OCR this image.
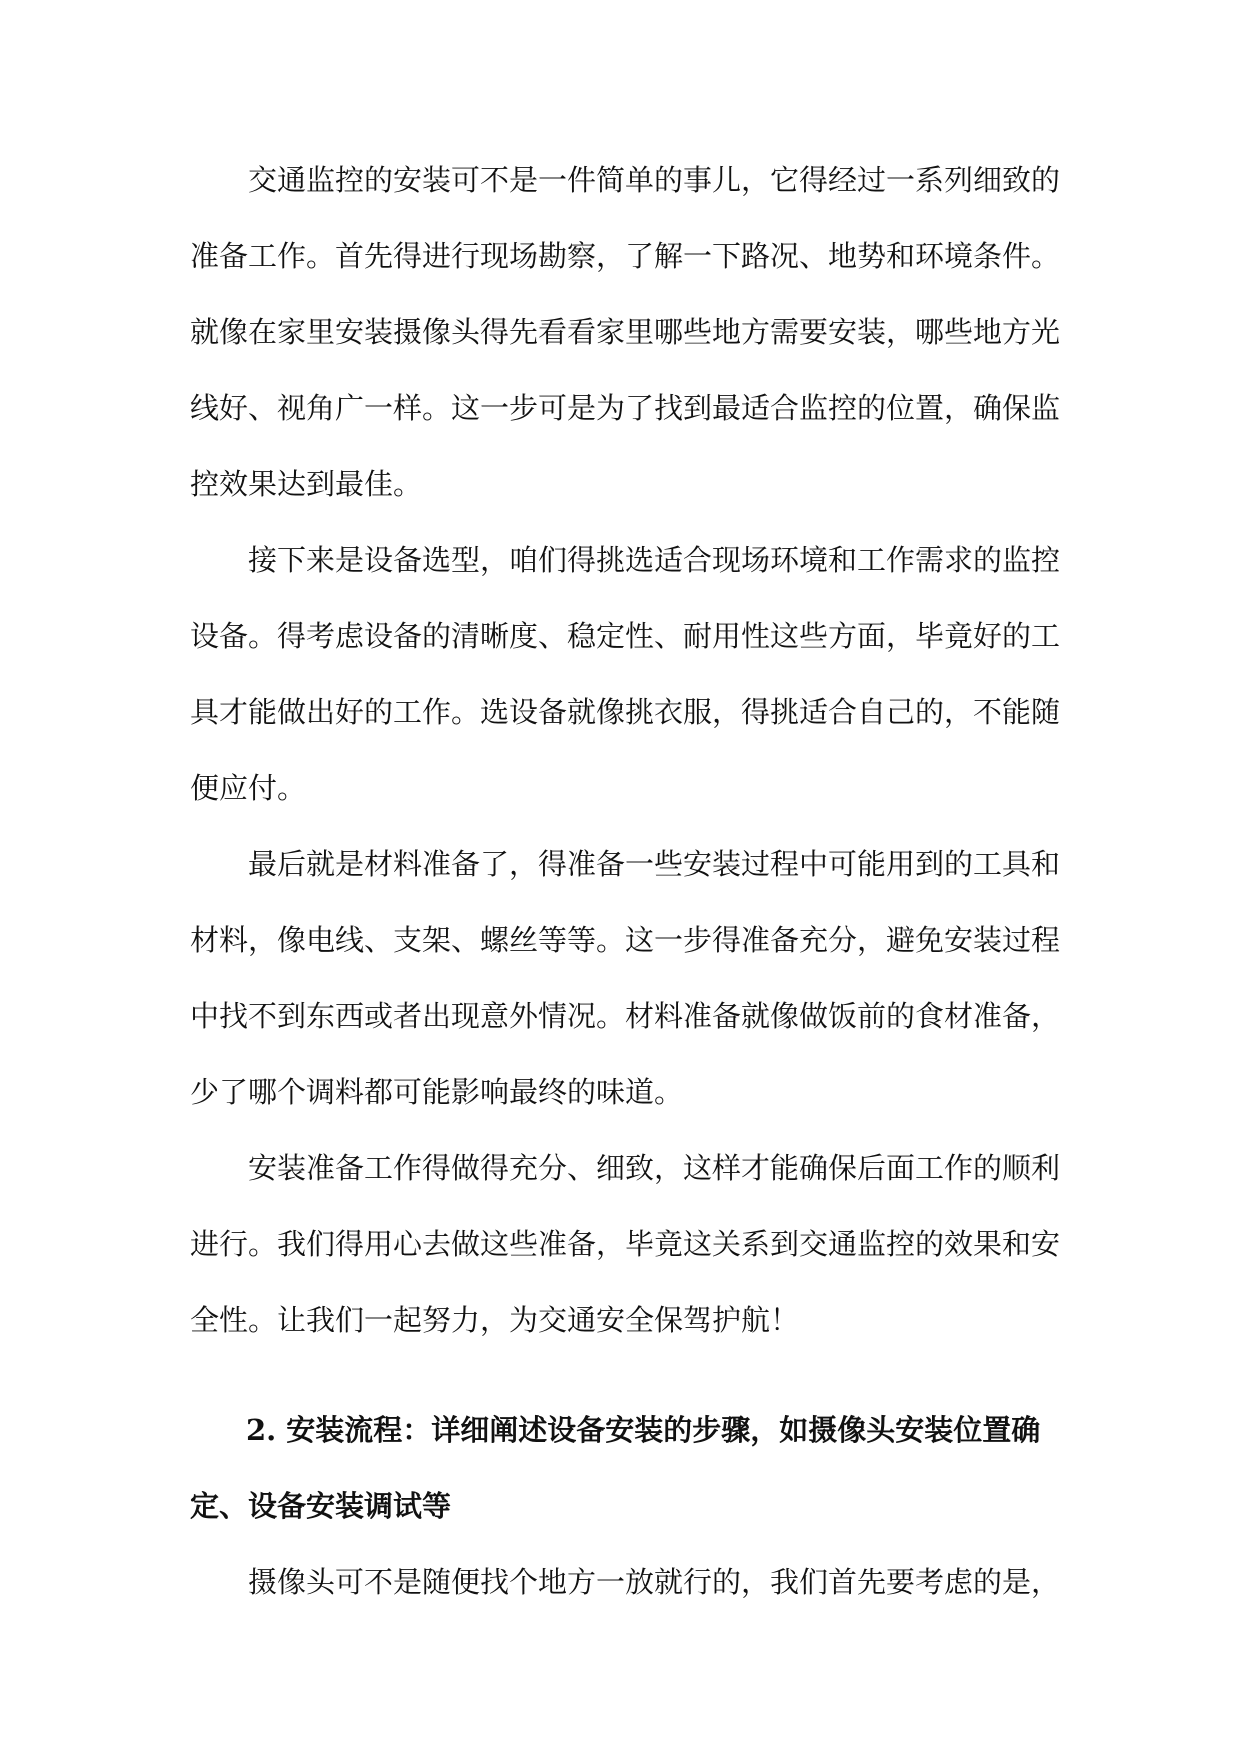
交通监控的安装可不是一件简单的事儿，它得经过一系列细致的准备工作。首先得进行现场勘察，了解一下路况、地势和环境条件。就像在家里安装摄像头得先看看家里哪些地方需要安装，哪些地方光线好、视角广一样。这一步可是为了找到最适合监控的位置，确保监控效果达到最佳。

接下来是设备选型，咱们得挑选适合现场环境和工作需求的监控设备。得考虑设备的清晰度、稳定性、耐用性这些方面，毕竟好的工具才能做出好的工作。选设备就像挑衣服，得挑适合自己的，不能随便应付。

最后就是材料准备了，得准备一些安装过程中可能用到的工具和材料，像电线、支架、螺丝等等。这一步得准备充分，避免安装过程中找不到东西或者出现意外情况。材料准备就像做饭前的食材准备，少了哪个调料都可能影响最终的味道。

安装准备工作得做得充分、细致，这样才能确保后面工作的顺利进行。我们得用心去做这些准备，毕竟这关系到交通监控的效果和安全性。让我们一起努力，为交通安全保驾护航！

2. 安装流程：详细阐述设备安装的步骤，如摄像头安装位置确定、设备安装调试等

摄像头可不是随便找个地方一放就行的，我们首先要考虑的是，
